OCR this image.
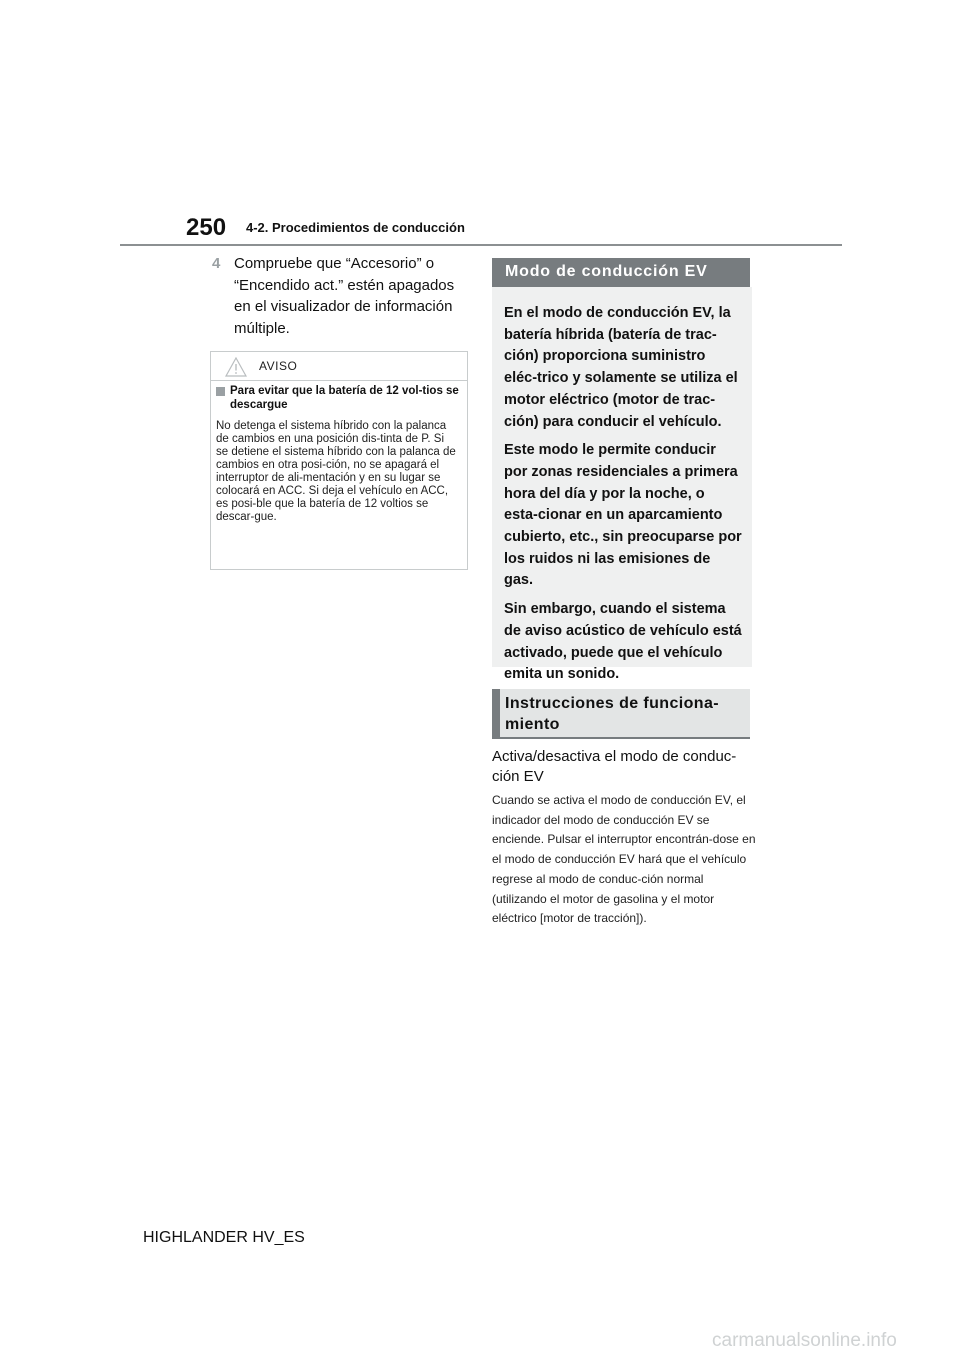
250 4-2. Procedimientos de conducción
4 Compruebe que “Accesorio” o “Encendido act.” estén apagados en el visualizador de información múltiple.
AVISO
Para evitar que la batería de 12 vol-tios se descargue
No detenga el sistema híbrido con la palanca de cambios en una posición dis-tinta de P. Si se detiene el sistema híbrido con la palanca de cambios en otra posi-ción, no se apagará el interruptor de ali-mentación y en su lugar se colocará en ACC. Si deja el vehículo en ACC, es posi-ble que la batería de 12 voltios se descar-gue.
Modo de conducción EV
En el modo de conducción EV, la batería híbrida (batería de trac-ción) proporciona suministro eléc-trico y solamente se utiliza el motor eléctrico (motor de trac-ción) para conducir el vehículo.
Este modo le permite conducir por zonas residenciales a primera hora del día y por la noche, o esta-cionar en un aparcamiento cubierto, etc., sin preocuparse por los ruidos ni las emisiones de gas.
Sin embargo, cuando el sistema de aviso acústico de vehículo está activado, puede que el vehículo emita un sonido.
Instrucciones de funciona-miento
Activa/desactiva el modo de conduc-ción EV
Cuando se activa el modo de conducción EV, el indicador del modo de conducción EV se enciende. Pulsar el interruptor encontrán-dose en el modo de conducción EV hará que el vehículo regrese al modo de conduc-ción normal (utilizando el motor de gasolina y el motor eléctrico [motor de tracción]).
HIGHLANDER HV_ES
carmanualsonline.info
